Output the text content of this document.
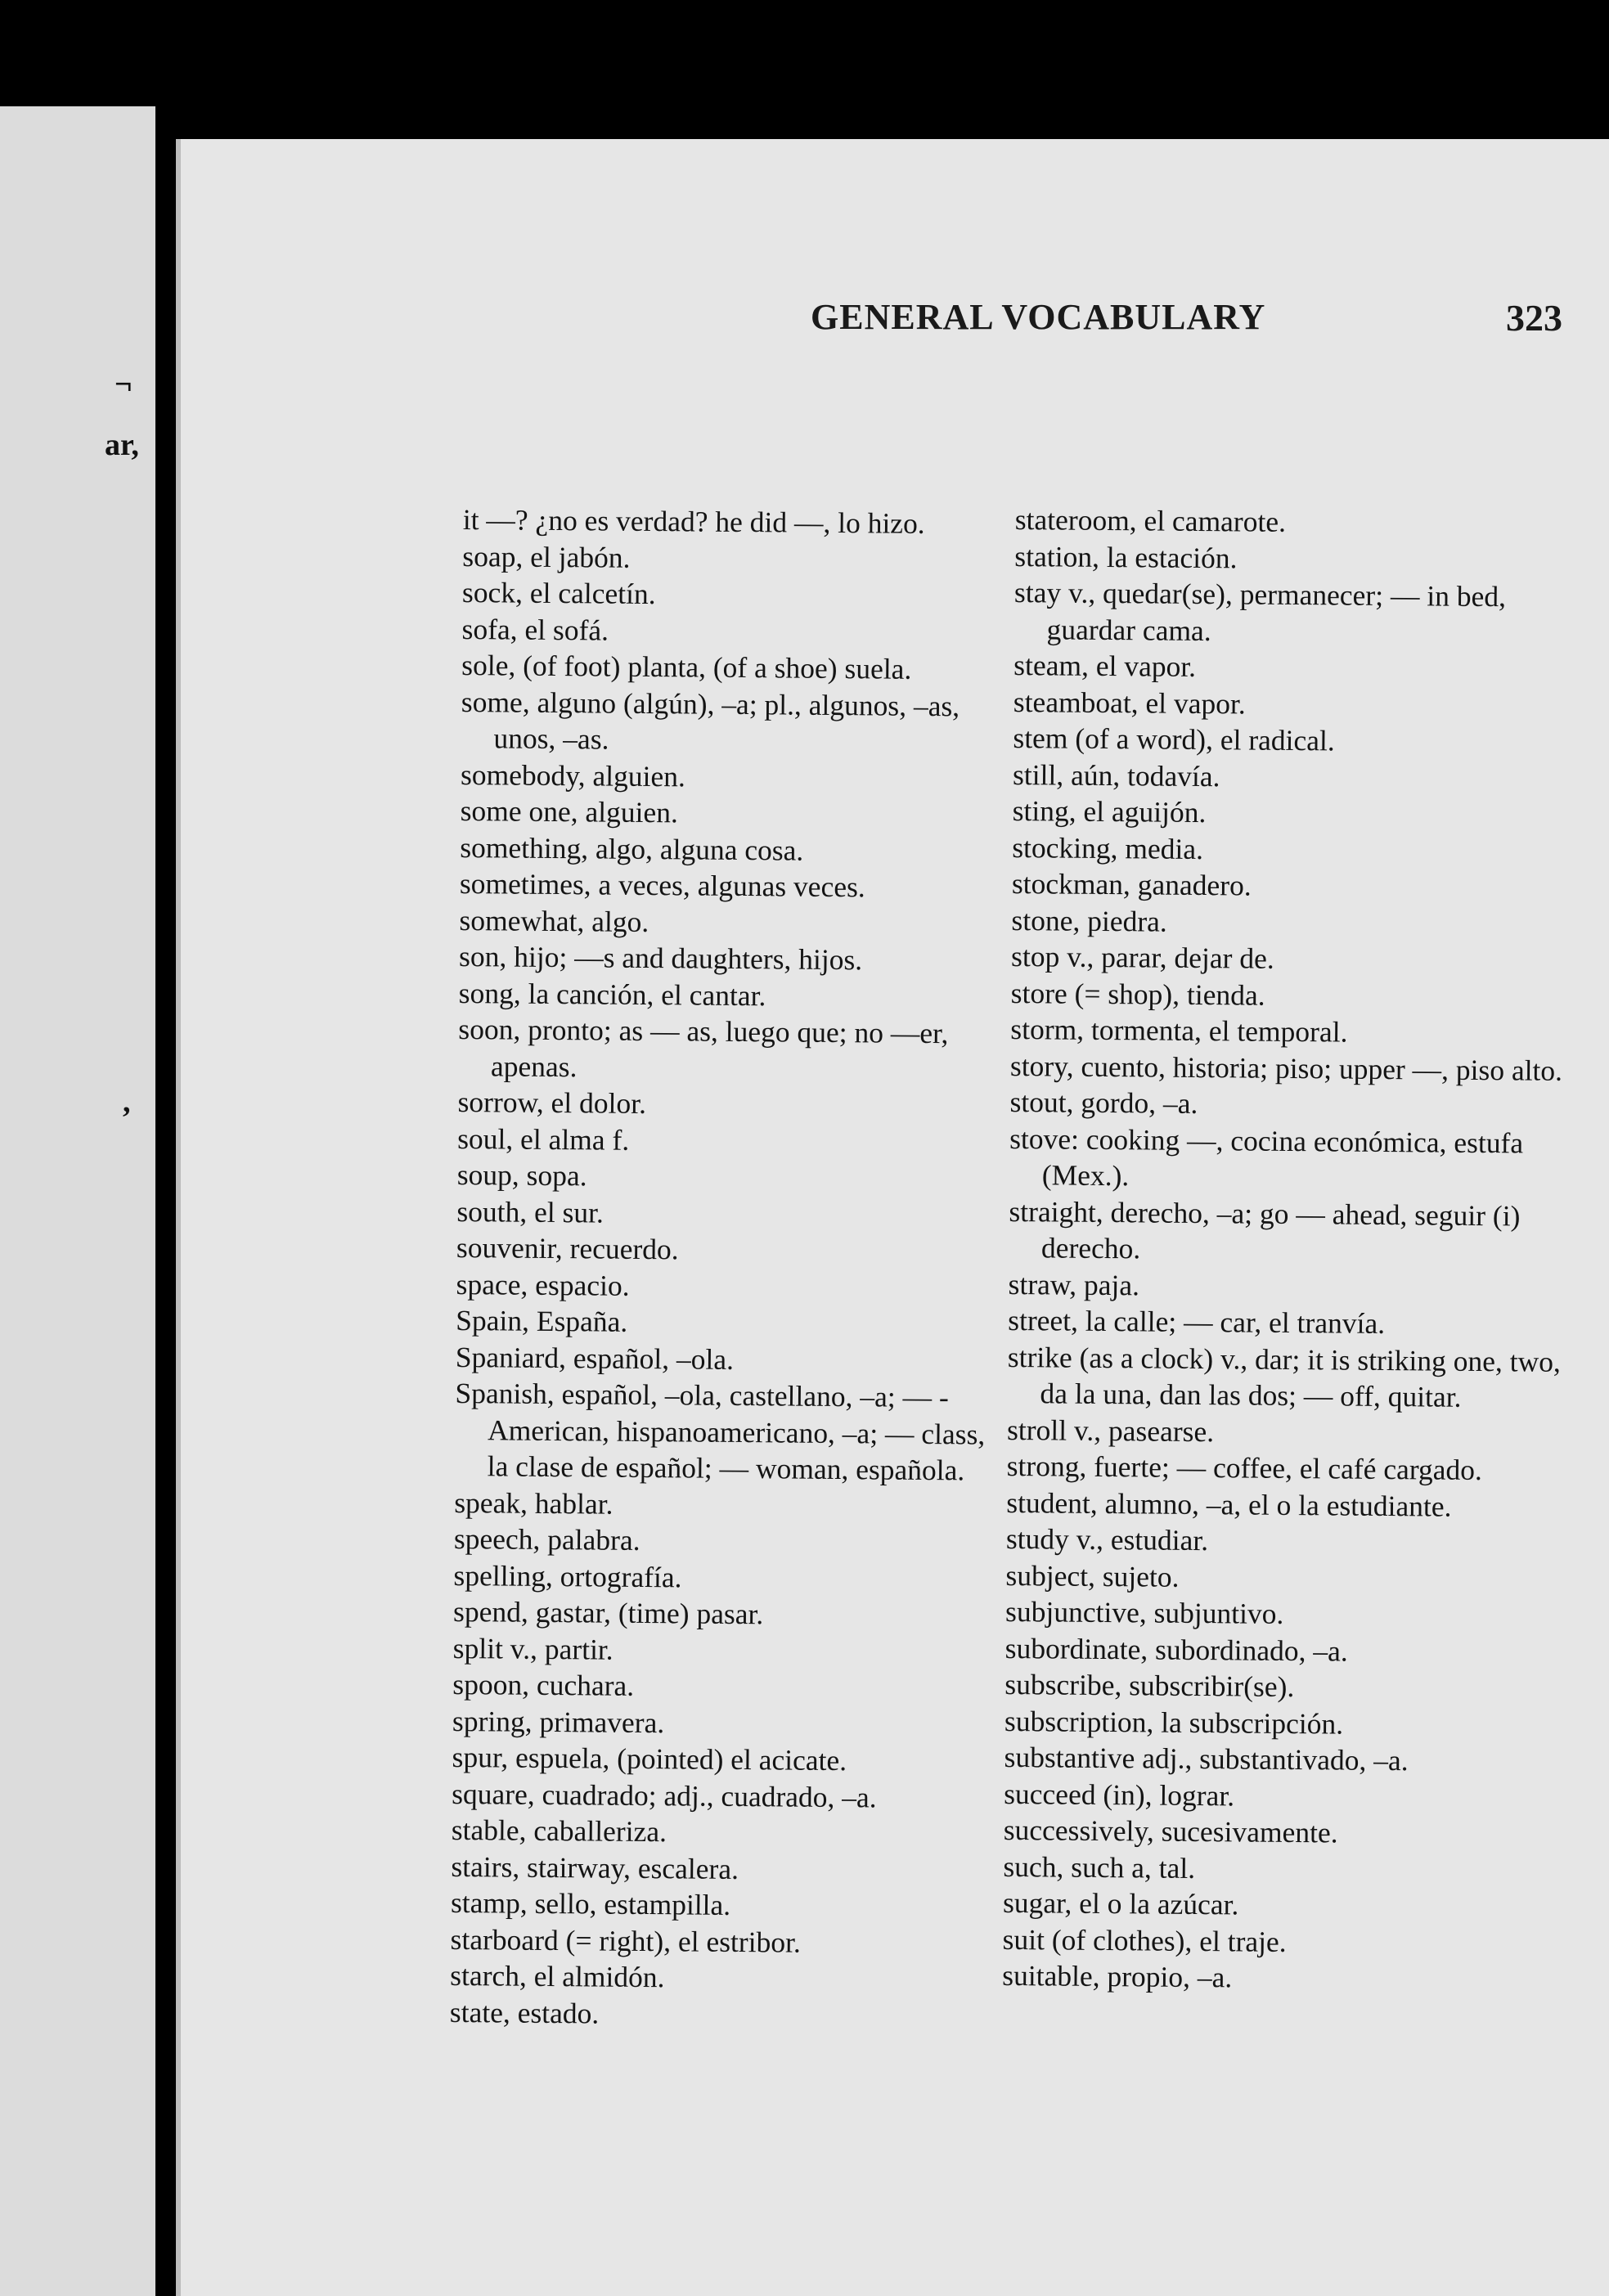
¬
ar,
,
GENERAL VOCABULARY	323
it —? ¿no es verdad? he did —, lo hizo.
soap, el jabón.
sock, el calcetín.
sofa, el sofá.
sole, (of foot) planta, (of a shoe) suela.
some, alguno (algún), –a; pl., algunos, –as, unos, –as.
somebody, alguien.
some one, alguien.
something, algo, alguna cosa.
sometimes, a veces, algunas veces.
somewhat, algo.
son, hijo; —s and daughters, hijos.
song, la canción, el cantar.
soon, pronto; as — as, luego que; no —er, apenas.
sorrow, el dolor.
soul, el alma f.
soup, sopa.
south, el sur.
souvenir, recuerdo.
space, espacio.
Spain, España.
Spaniard, español, –ola.
Spanish, español, –ola, castellano, –a; — -American, hispanoamericano, –a; — class, la clase de español; — woman, española.
speak, hablar.
speech, palabra.
spelling, ortografía.
spend, gastar, (time) pasar.
split v., partir.
spoon, cuchara.
spring, primavera.
spur, espuela, (pointed) el acicate.
square, cuadrado; adj., cuadrado, –a.
stable, caballeriza.
stairs, stairway, escalera.
stamp, sello, estampilla.
starboard (= right), el estribor.
starch, el almidón.
state, estado.
stateroom, el camarote.
station, la estación.
stay v., quedar(se), permanecer; — in bed, guardar cama.
steam, el vapor.
steamboat, el vapor.
stem (of a word), el radical.
still, aún, todavía.
sting, el aguijón.
stocking, media.
stockman, ganadero.
stone, piedra.
stop v., parar, dejar de.
store (= shop), tienda.
storm, tormenta, el temporal.
story, cuento, historia; piso; upper —, piso alto.
stout, gordo, –a.
stove: cooking —, cocina económica, estufa (Mex.).
straight, derecho, –a; go — ahead, seguir (i) derecho.
straw, paja.
street, la calle; — car, el tranvía.
strike (as a clock) v., dar; it is striking one, two, da la una, dan las dos; — off, quitar.
stroll v., pasearse.
strong, fuerte; — coffee, el café cargado.
student, alumno, –a, el o la estudiante.
study v., estudiar.
subject, sujeto.
subjunctive, subjuntivo.
subordinate, subordinado, –a.
subscribe, subscribir(se).
subscription, la subscripción.
substantive adj., substantivado, –a.
succeed (in), lograr.
successively, sucesivamente.
such, such a, tal.
sugar, el o la azúcar.
suit (of clothes), el traje.
suitable, propio, –a.
